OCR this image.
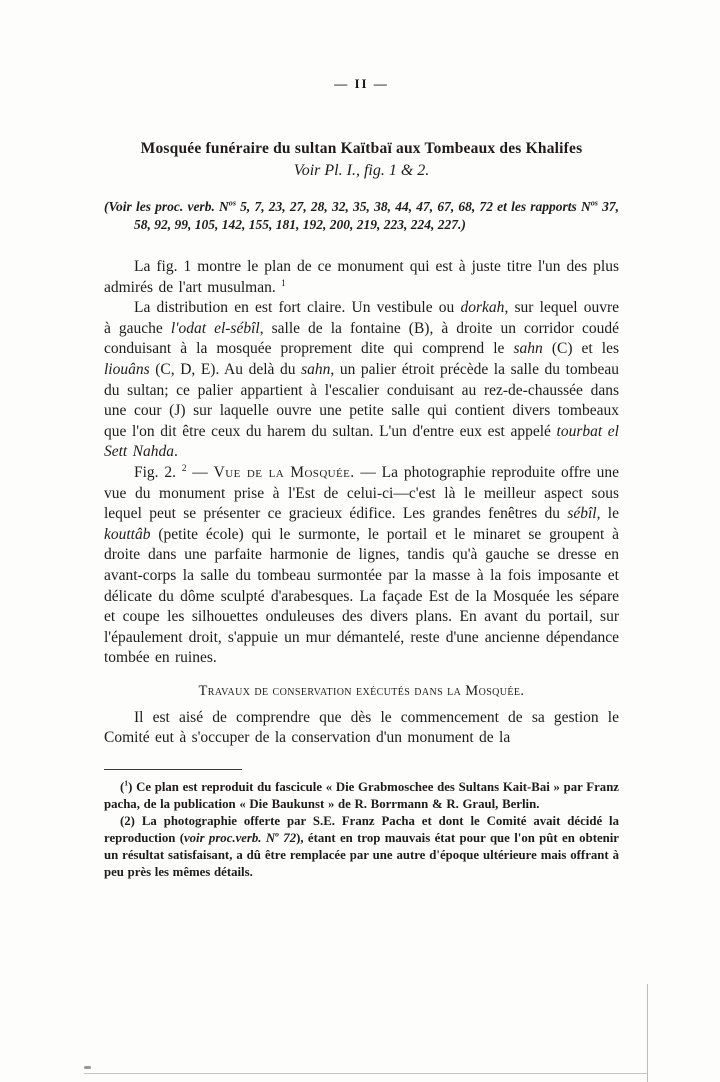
— II —
Mosquée funéraire du sultan Kaïtbaï aux Tombeaux des Khalifes
Voir Pl. I., fig. 1 & 2.
(Voir les proc. verb. $N^{os}$ 5, 7, 23, 27, 28, 32, 35, 38, 44, 47, 67, 68, 72 et les rapports $N^{os}$ 37, 58, 92, 99, 105, 142, 155, 181, 192, 200, 219, 223, 224, 227.)

La fig. 1 montre le plan de ce monument qui est à juste titre l'un des plus admirés de l'art musulman. $^1$

La distribution en est fort claire. Un vestibule ou dorkah, sur lequel ouvre à gauche l'odat el-sébîl, salle de la fontaine (B), à droite un corridor coudé conduisant à la mosquée proprement dite qui comprend le sahn (C) et les liouâns (C, D, E). Au delà du sahn, un palier étroit précède la salle du tombeau du sultan; ce palier appartient à l'escalier conduisant au rez-de-chaussée dans une cour (J) sur laquelle ouvre une petite salle qui contient divers tombeaux que l'on dit être ceux du harem du sultan. L'un d'entre eux est appelé tourbat el Sett Nahda.

Fig. 2. $^2$ — Vue de la Mosquée. — La photographie reproduite offre une vue du monument prise à l'Est de celui-ci—c'est là le meilleur aspect sous lequel peut se présenter ce gracieux édifice. Les grandes fenêtres du sébîl, le kouttâb (petite école) qui le surmonte, le portail et le minaret se groupent à droite dans une parfaite harmonie de lignes, tandis qu'à gauche se dresse en avant-corps la salle du tombeau surmontée par la masse à la fois imposante et délicate du dôme sculpté d'arabesques. La façade Est de la Mosquée les sépare et coupe les silhouettes onduleuses des divers plans. En avant du portail, sur l'épaulement droit, s'appuie un mur démantelé, reste d'une ancienne dépendance tombée en ruines.

Travaux de conservation exécutés dans la Mosquée.

Il est aisé de comprendre que dès le commencement de sa gestion le Comité eut à s'occuper de la conservation d'un monument de la

($^1$) Ce plan est reproduit du fascicule « Die Grabmoschee des Sultans Kait-Bai » par Franz pacha, de la publication « Die Baukunst » de R. Borrmann & R. Graul, Berlin.

(2) La photographie offerte par S.E. Franz Pacha et dont le Comité avait décidé la reproduction (voir proc.verb. $N^o$ 72), étant en trop mauvais état pour que l'on pût en obtenir un résultat satisfaisant, a dû être remplacée par une autre d'époque ultérieure mais offrant à peu près les mêmes détails.
